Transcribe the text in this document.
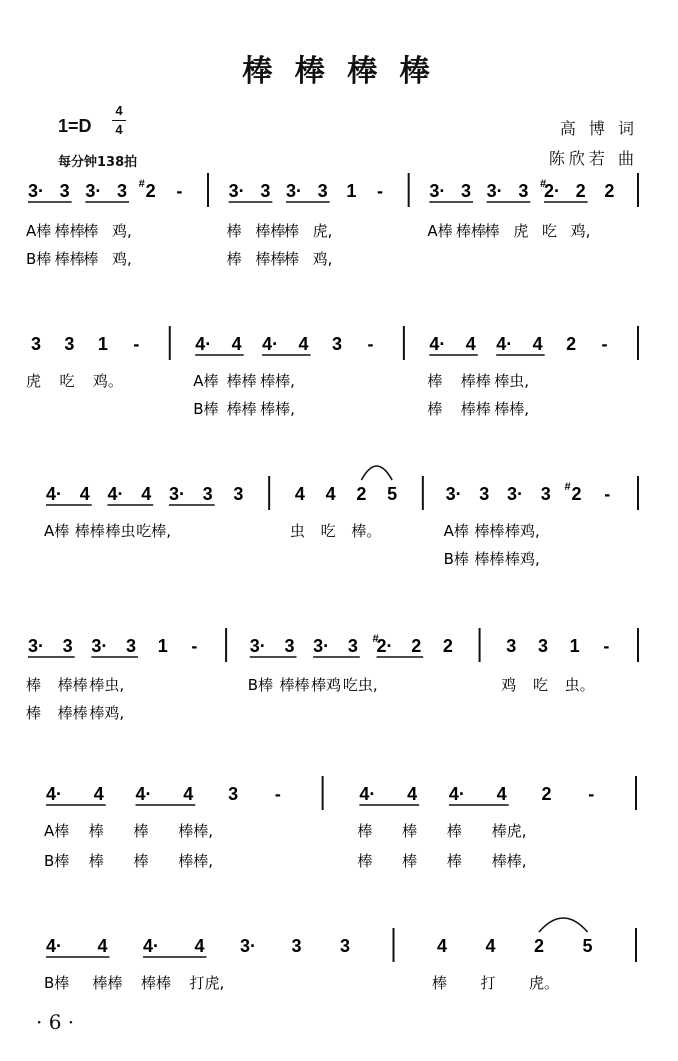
棒 棒 棒 棒
1=D
4
4
每分钟138拍
高 博 词
陈欣若 曲
3· 3 3· 3 # 2 -	3· 3 3· 3 1 -	3· 3 3· 3 #
2· 2 2
A棒 棒棒
棒 鸡,	棒 棒棒
棒 虎,	A棒 棒棒
棒 虎 吃 鸡,
B棒 棒棒
棒 鸡,	棒 棒棒
棒 鸡,
3 3 1 -	4· 4 4· 4 3 -	4· 4 4· 4 2 -
虎 吃 鸡。	A棒 棒棒 棒棒,	棒 棒棒 棒虫,
B棒 棒棒 棒棒,	棒 棒棒 棒棒,
4· 4 4· 4 3· 3 3	4 4 2 5	3· 3 3· 3 # 2 -
A棒 棒棒 棒虫 吃棒,	虫 吃 棒。	A棒 棒棒 棒鸡,
B棒 棒棒 棒鸡,
3· 3 3· 3 1 -	3· 3 3· 3 #
2· 2 2	3 3 1 -
棒 棒棒 棒虫,	B棒 棒棒 棒鸡 吃虫,	鸡 吃 虫。
棒 棒棒 棒鸡,
4· 4 4· 4 3 -	4· 4 4· 4 2 -
A棒 棒 棒 棒棒,	棒 棒 棒 棒虎,
B棒 棒 棒 棒棒,	棒 棒 棒 棒棒,
4· 4 4· 4 3· 3 3	4 4 2 5
B棒 棒棒 棒棒 打虎,	棒 打 虎。
· 6 ·
